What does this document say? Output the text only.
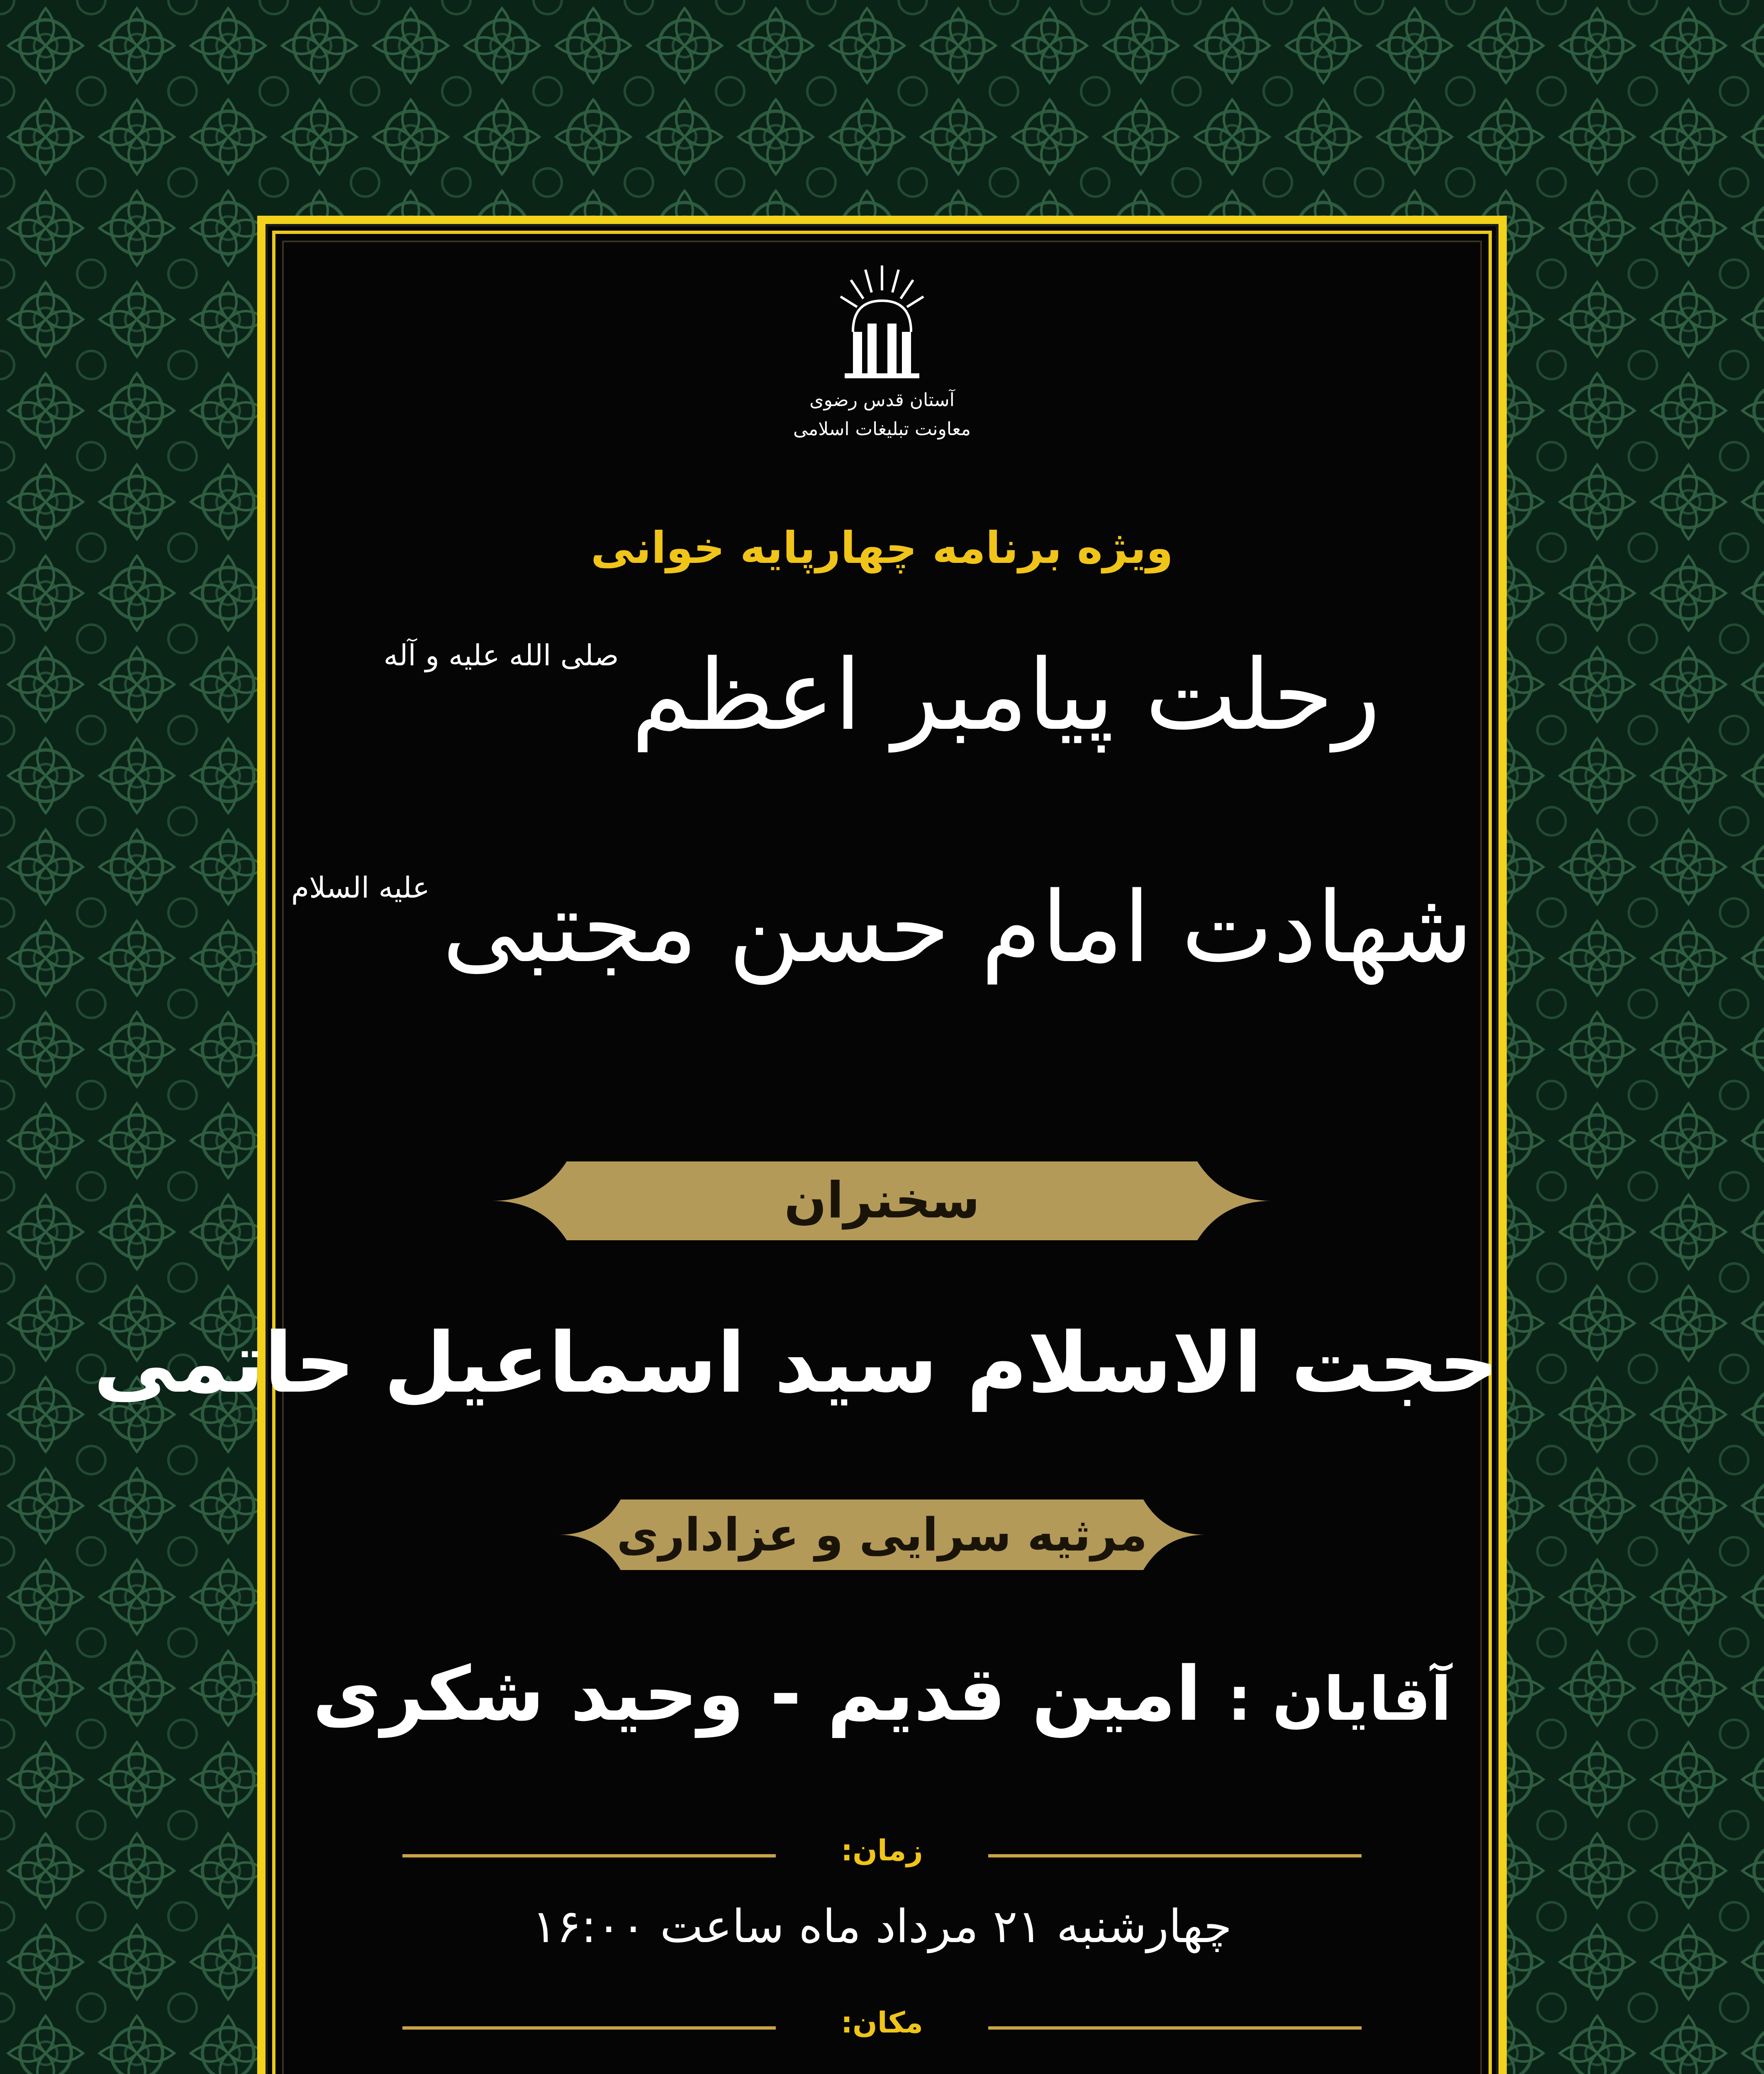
آستان قدس رضوی
معاونت تبلیغات اسلامی
ویژه برنامه چهارپایه خوانی
رحلت پیامبر اعظمصلی الله علیه و آله
شهادت امام حسن مجتبیعلیه السلام
سخنران
حجت الاسلام سید اسماعیل حاتمی
مرثیه سرایی و عزاداری
آقایان : امین قدیم - وحید شکری
زمان:
چهارشنبه ۲۱ مرداد ماه ساعت ۱۶:۰۰
مکان:
